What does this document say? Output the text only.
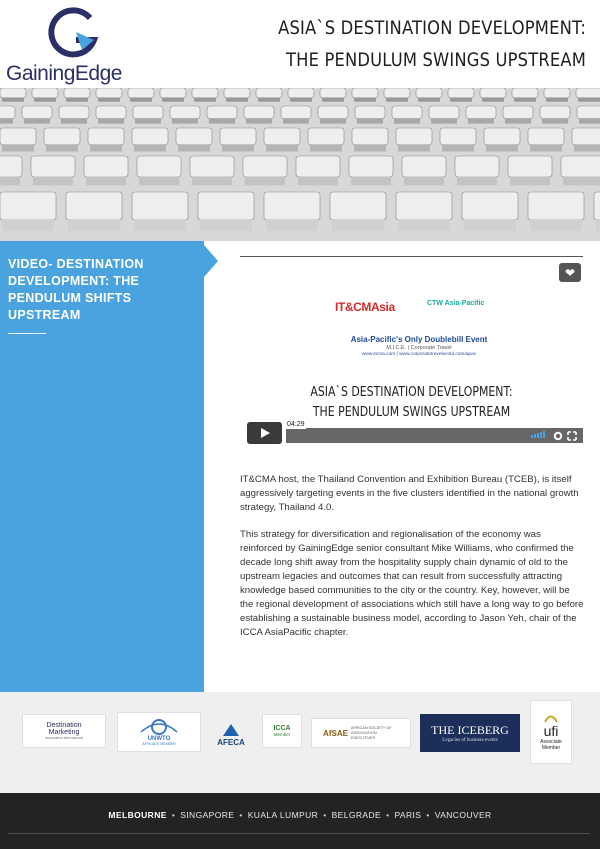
GainingEdge
ASIA`S DESTINATION DEVELOPMENT:
THE PENDULUM SWINGS UPSTREAM
VIDEO- DESTINATION DEVELOPMENT: THE PENDULUM SHIFTS UPSTREAM
❤
IT&CMAsia	CTW Asia-Pacific
Asia-Pacific's Only Doublebill Event
M.I.C.E. | Corporate Travel
www.itcma.com | www.corporatetravelworld.com/apac
ASIA`S DESTINATION DEVELOPMENT:
THE PENDULUM SWINGS UPSTREAM
04:29

IT&CMA host, the Thailand Convention and Exhibition Bureau (TCEB), is itself aggressively targeting events in the five clusters identified in the national growth strategy, Thailand 4.0.

This strategy for diversification and regionalisation of the economy was reinforced by GainingEdge senior consultant Mike Williams, who confirmed the decade long shift away from the hospitality supply chain dynamic of old to the upstream legacies and outcomes that can result from successfully attracting knowledge based communities to the city or the country. Key, however, will be the regional development of associations which still have a long way to go before establishing a sustainable business model, according to Jason Yeh, chair of the ICCA AsiaPacific chapter.

Destination
Marketing
association international	UNWTO
AFFILIATE MEMBER	AFECA
ICCA
Member	AfSAE
AFRICAN SOCIETY OF ASSOCIATION EXECUTIVES
THE ICEBERG
Legacies of business events
ufi
Associate Member
MELBOURNE • SINGAPORE • KUALA LUMPUR • BELGRADE • PARIS • VANCOUVER
